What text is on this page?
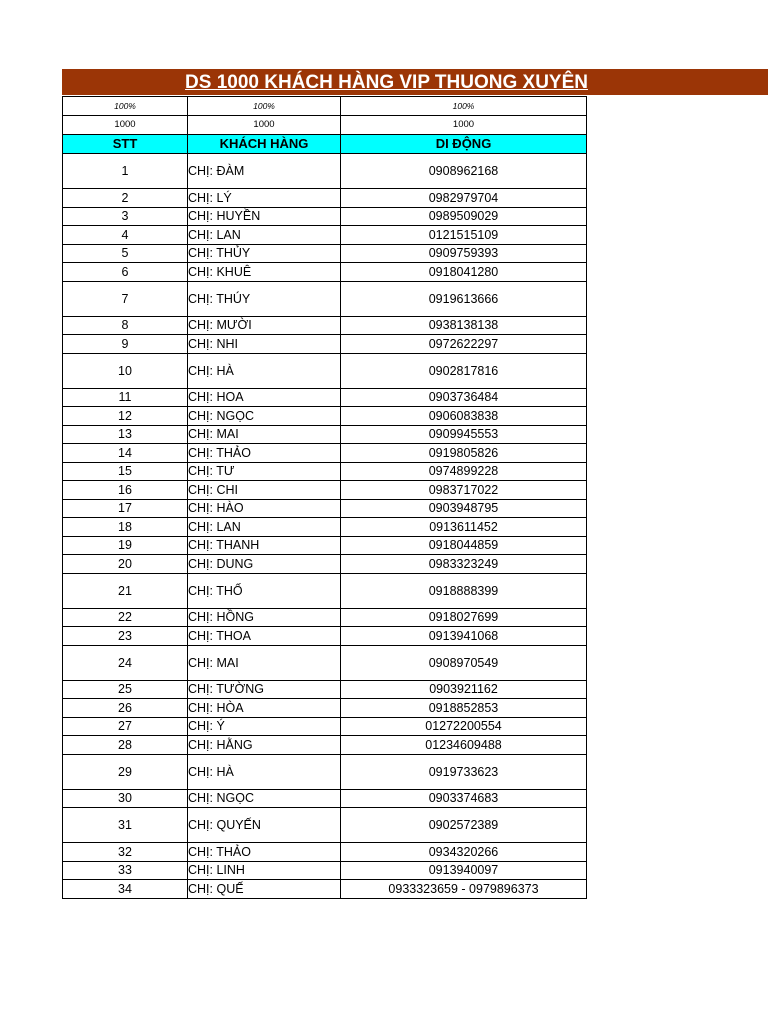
DS 1000 KHÁCH HÀNG VIP THUONG XUYÊN
100%	100%	100%
1000	1000	1000
STT	KHÁCH HÀNG	DI ĐỘNG
1	CHỊ: ĐÀM	0908962168
2	CHỊ: LÝ	0982979704
3	CHỊ: HUYỀN	0989509029
4	CHỊ: LAN	0121515109
5	CHỊ: THỦY	0909759393
6	CHỊ: KHUÊ	0918041280
7	CHỊ: THÚY	0919613666
8	CHỊ: MƯỜI	0938138138
9	CHỊ: NHI	0972622297
10	CHỊ: HÀ	0902817816
11	CHỊ: HOA	0903736484
12	CHỊ: NGỌC	0906083838
13	CHỊ: MAI	0909945553
14	CHỊ: THẢO	0919805826
15	CHỊ: TƯ	0974899228
16	CHỊ: CHI	0983717022
17	CHỊ: HÀO	0903948795
18	CHỊ: LAN	0913611452
19	CHỊ: THANH	0918044859
20	CHỊ: DUNG	0983323249
21	CHỊ: THỐ	0918888399
22	CHỊ: HỒNG	0918027699
23	CHỊ: THOA	0913941068
24	CHỊ: MAI	0908970549
25	CHỊ: TƯỜNG	0903921162
26	CHỊ: HÒA	0918852853
27	CHỊ: Ý	01272200554
28	CHỊ: HẰNG	01234609488
29	CHỊ: HÀ	0919733623
30	CHỊ: NGỌC	0903374683
31	CHỊ: QUYẾN	0902572389
32	CHỊ: THẢO	0934320266
33	CHỊ: LINH	0913940097
34	CHỊ: QUẾ	0933323659 - 0979896373
